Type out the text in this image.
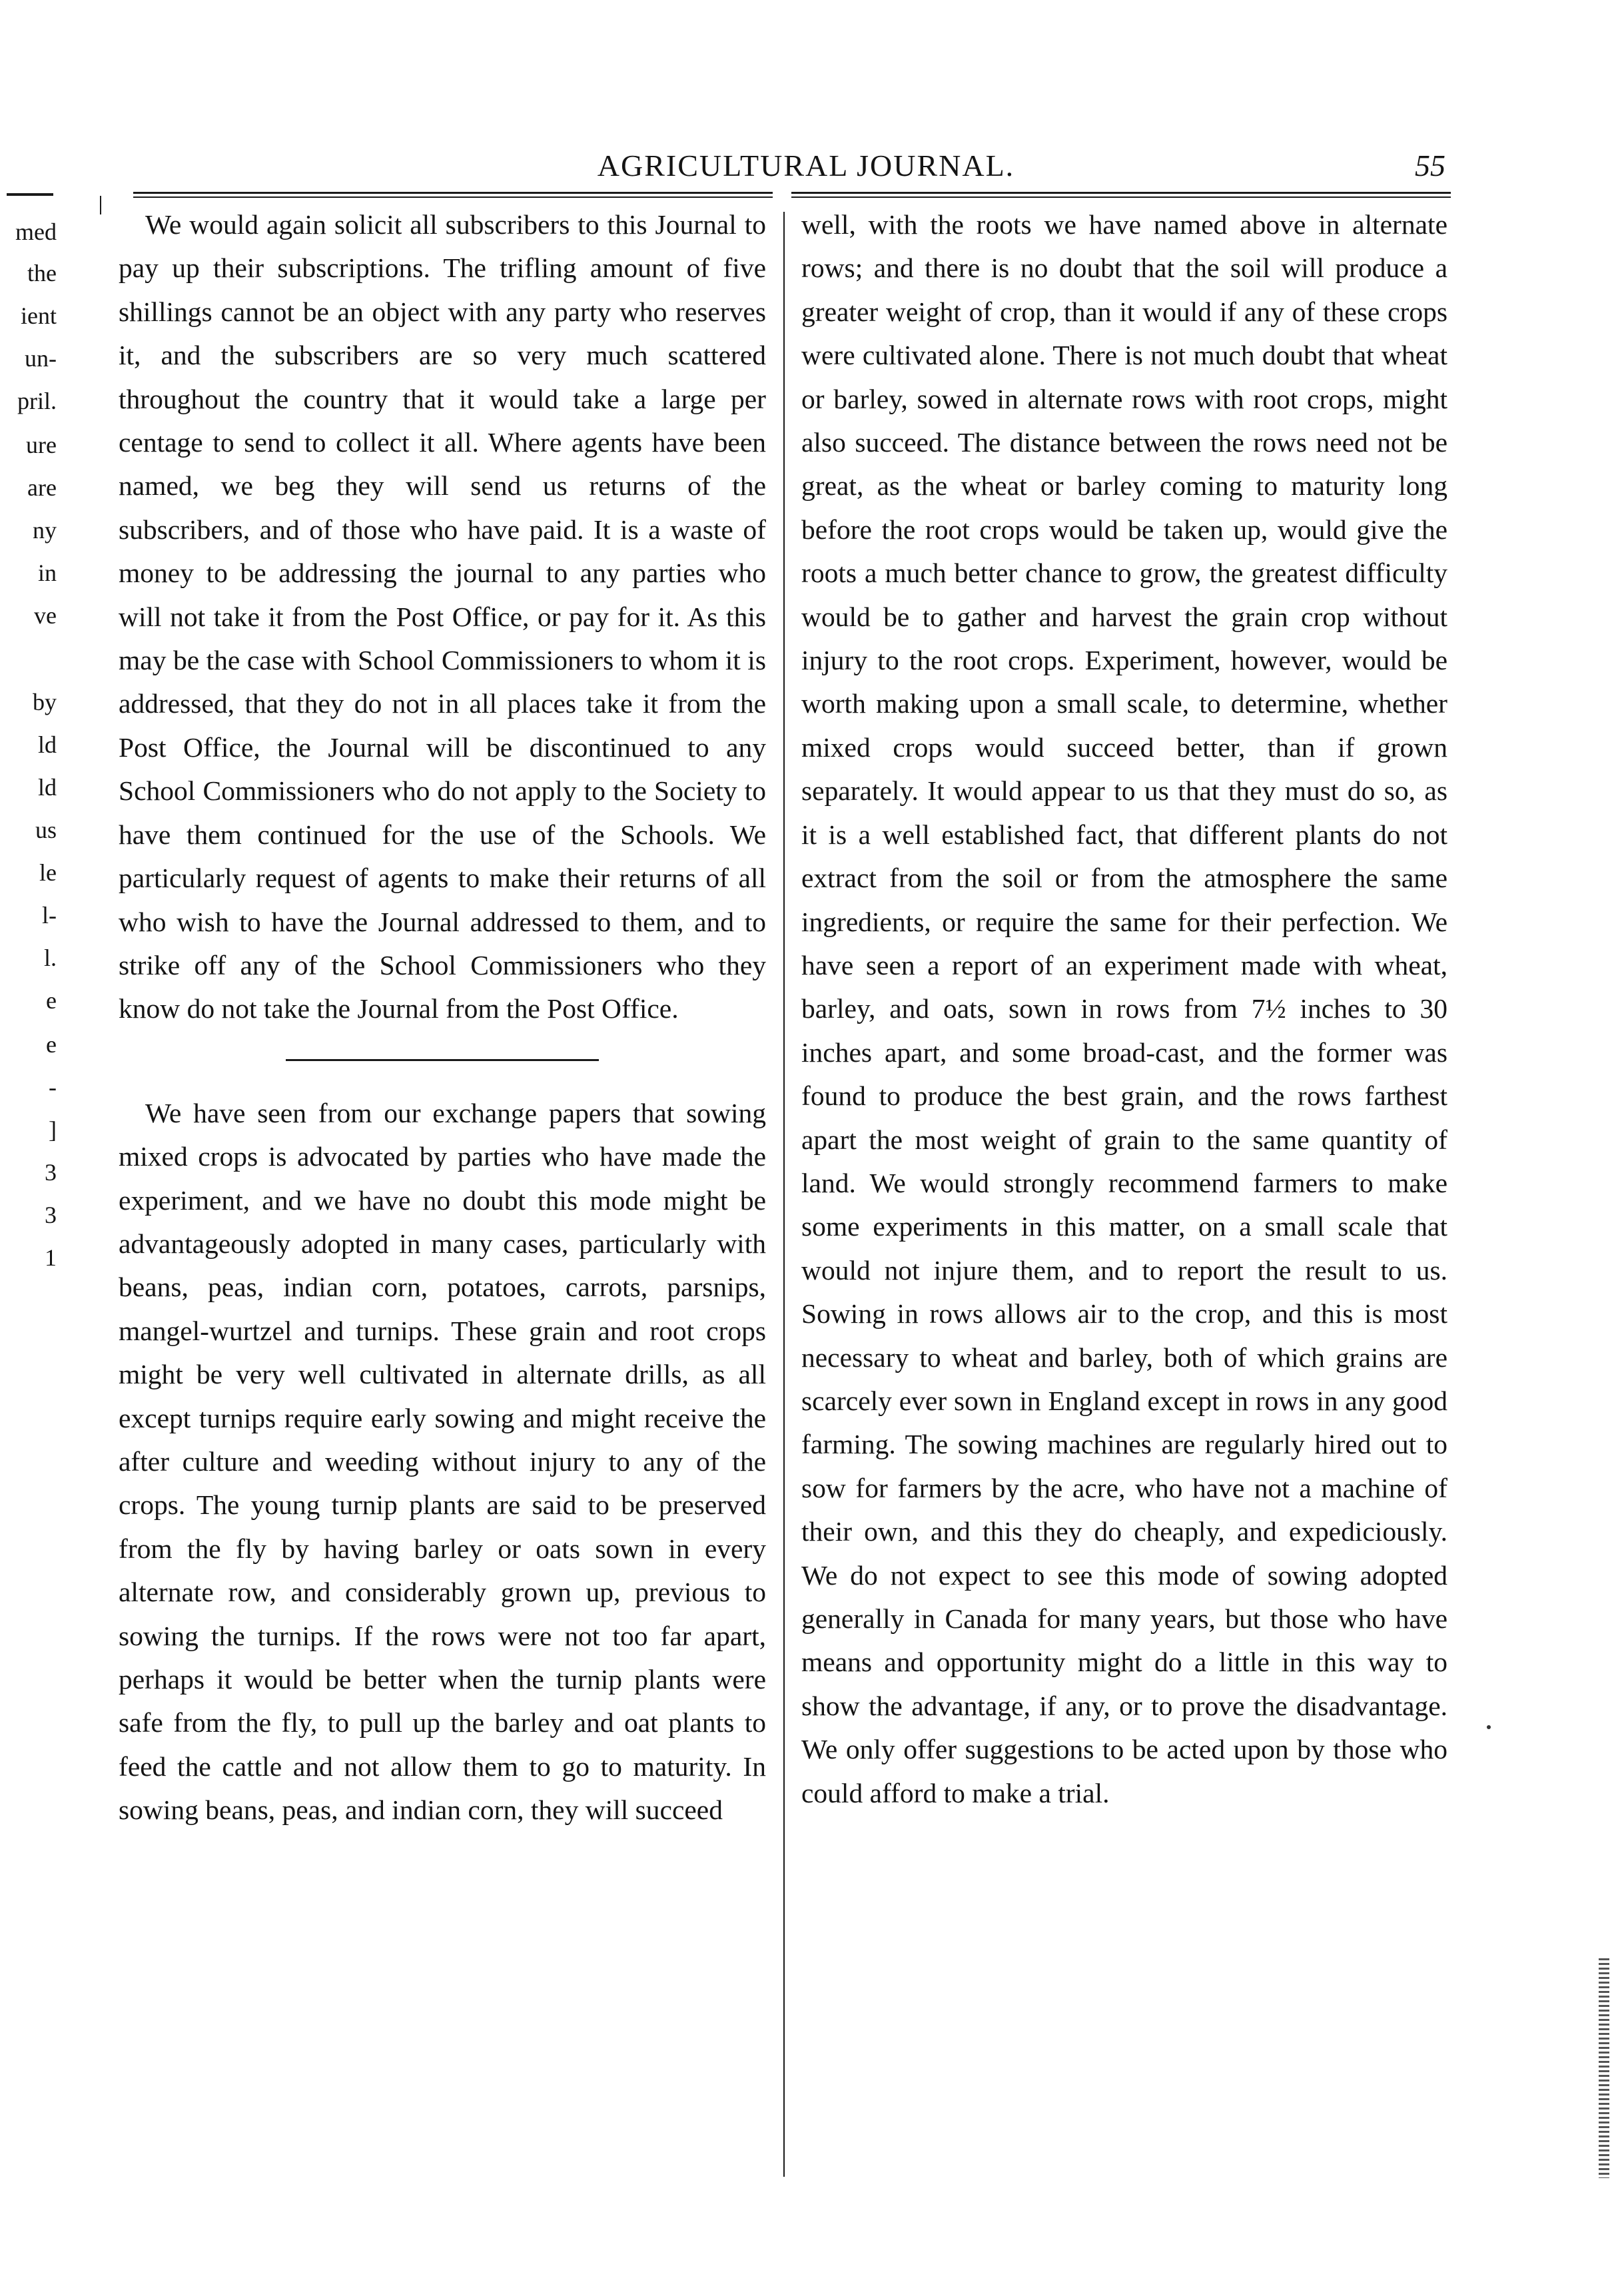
AGRICULTURAL JOURNAL.	55
med
the
ient
un-
pril.
ure
are
ny
in
ve
by
ld
ld
us
le
l-
l.
e
e
-
]
3
3
1

We would again solicit all subscribers to this Journal to pay up their subscriptions. The trifling amount of five shillings cannot be an object with any party who reserves it, and the subscribers are so very much scattered throughout the country that it would take a large per centage to send to collect it all. Where agents have been named, we beg they will send us returns of the subscribers, and of those who have paid. It is a waste of money to be addressing the journal to any parties who will not take it from the Post Office, or pay for it. As this may be the case with School Commissioners to whom it is addressed, that they do not in all places take it from the Post Office, the Journal will be discontinued to any School Commissioners who do not apply to the Society to have them continued for the use of the Schools. We particularly request of agents to make their returns of all who wish to have the Journal addressed to them, and to strike off any of the School Commissioners who they know do not take the Journal from the Post Office.

We have seen from our exchange papers that sowing mixed crops is advocated by parties who have made the experiment, and we have no doubt this mode might be advantageously adopted in many cases, particularly with beans, peas, indian corn, potatoes, carrots, parsnips, mangel-wurtzel and turnips. These grain and root crops might be very well cultivated in alternate drills, as all except turnips require early sowing and might receive the after culture and weeding without injury to any of the crops. The young turnip plants are said to be preserved from the fly by having barley or oats sown in every alternate row, and considerably grown up, previous to sowing the turnips. If the rows were not too far apart, perhaps it would be better when the turnip plants were safe from the fly, to pull up the barley and oat plants to feed the cattle and not allow them to go to maturity. In sowing beans, peas, and indian corn, they will succeed

well, with the roots we have named above in alternate rows; and there is no doubt that the soil will produce a greater weight of crop, than it would if any of these crops were cultivated alone. There is not much doubt that wheat or barley, sowed in alternate rows with root crops, might also succeed. The distance between the rows need not be great, as the wheat or barley coming to maturity long before the root crops would be taken up, would give the roots a much better chance to grow, the greatest difficulty would be to gather and harvest the grain crop without injury to the root crops. Experiment, however, would be worth making upon a small scale, to determine, whether mixed crops would succeed better, than if grown separately. It would appear to us that they must do so, as it is a well established fact, that different plants do not extract from the soil or from the atmosphere the same ingredients, or require the same for their perfection. We have seen a report of an experiment made with wheat, barley, and oats, sown in rows from 7½ inches to 30 inches apart, and some broad-cast, and the former was found to produce the best grain, and the rows farthest apart the most weight of grain to the same quantity of land. We would strongly recommend farmers to make some experiments in this matter, on a small scale that would not injure them, and to report the result to us. Sowing in rows allows air to the crop, and this is most necessary to wheat and barley, both of which grains are scarcely ever sown in England except in rows in any good farming. The sowing machines are regularly hired out to sow for farmers by the acre, who have not a machine of their own, and this they do cheaply, and expediciously. We do not expect to see this mode of sowing adopted generally in Canada for many years, but those who have means and opportunity might do a little in this way to show the advantage, if any, or to prove the disadvantage. We only offer suggestions to be acted upon by those who could afford to make a trial.
